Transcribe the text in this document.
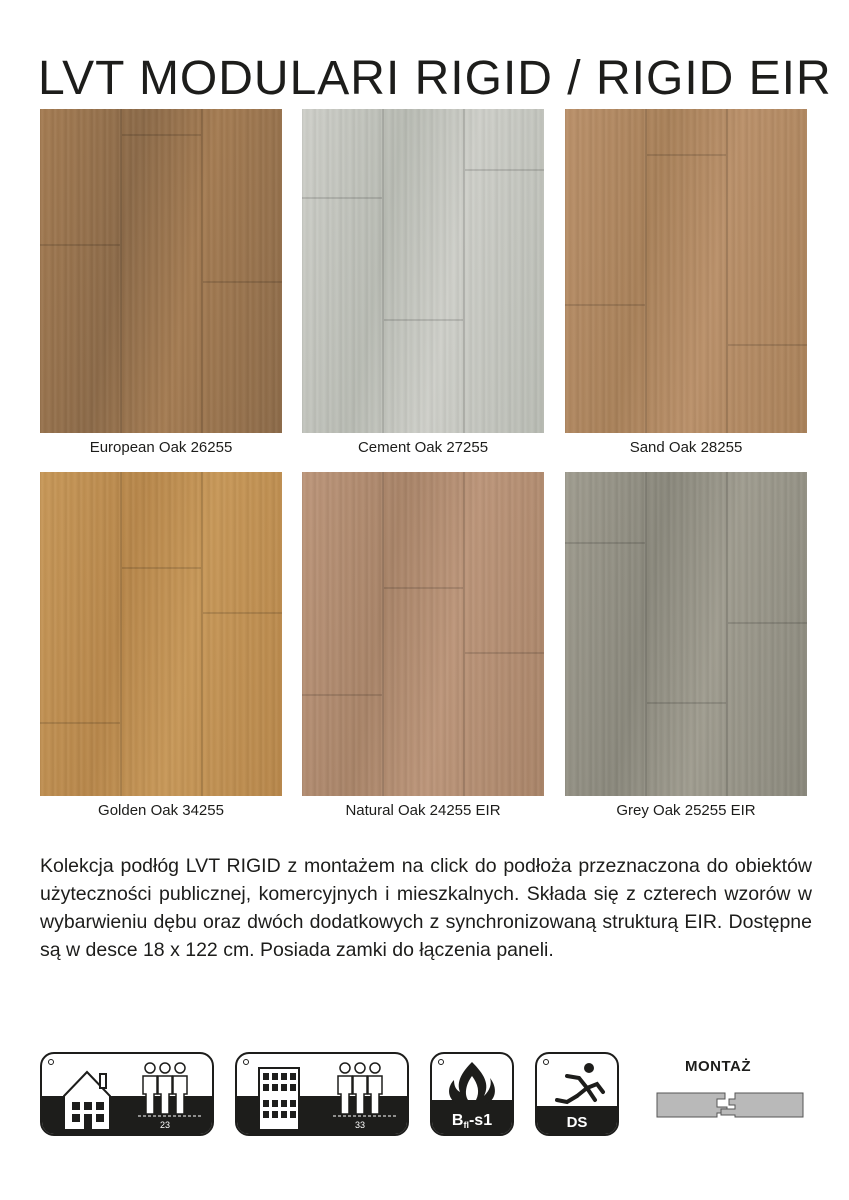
LVT MODULARI RIGID / RIGID EIR
European Oak 26255	Cement Oak 27255	Sand Oak 28255
Golden Oak 34255	Natural Oak 24255 EIR	Grey Oak 25255 EIR
Kolekcja podłóg LVT RIGID z montażem na click do podłoża przeznaczona do obiektów użyteczności publicznej, komercyjnych i mieszkalnych. Składa się z czterech wzorów w wybarwieniu dębu oraz dwóch dodatkowych z synchronizowaną strukturą EIR. Dostępne są w desce 18 x 122 cm. Posiada zamki do łączenia paneli.
23	33	Bfl-s1	DS
MONTAŻ
